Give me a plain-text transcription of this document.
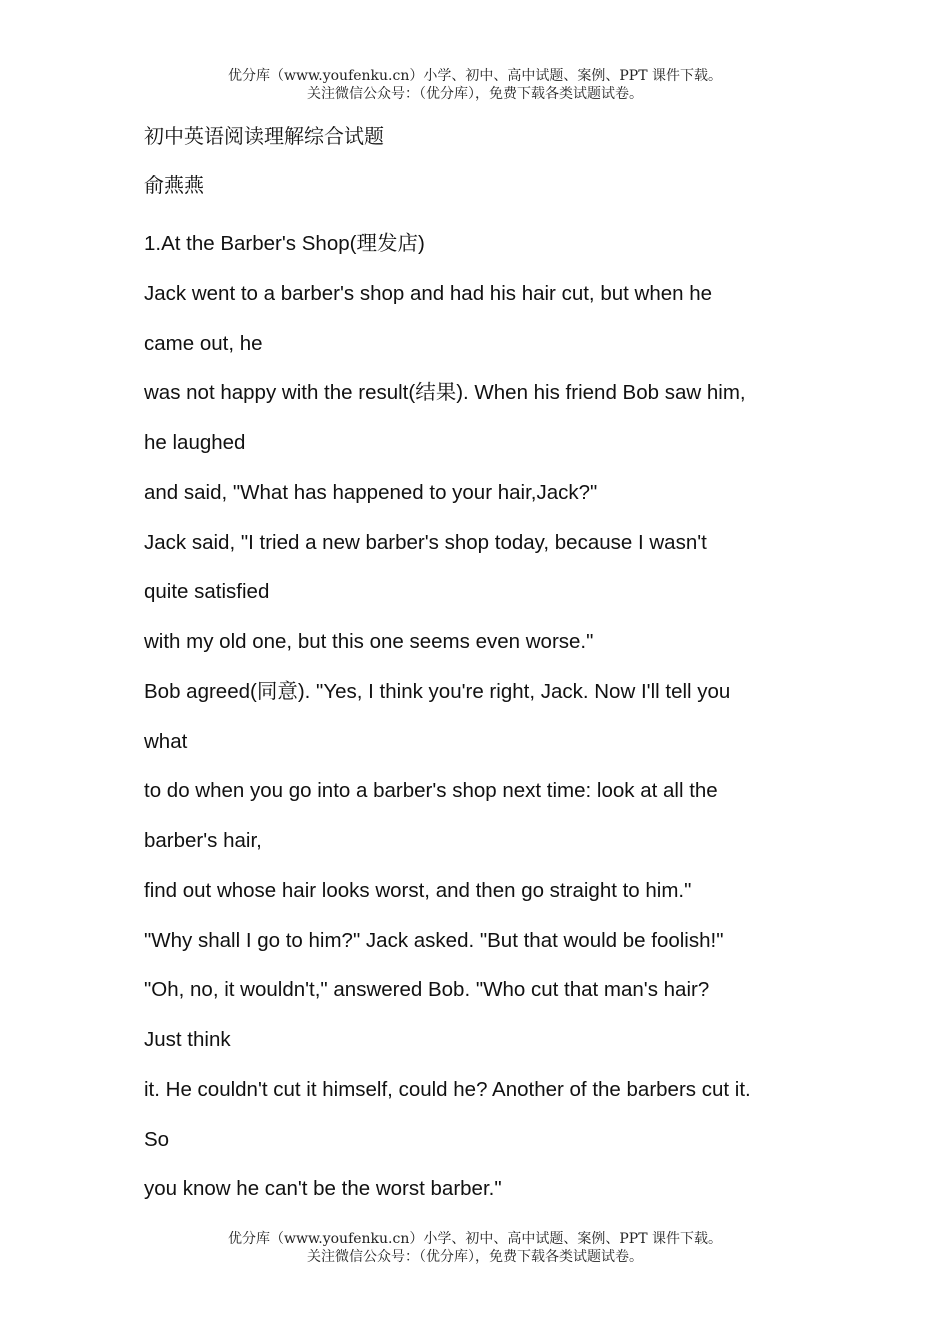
优分库（www.youfenku.cn）小学、初中、高中试题、案例、PPT 课件下载。
关注微信公众号：（优分库），免费下载各类试题试卷。
初中英语阅读理解综合试题
俞燕燕
1.At the Barber's Shop(理发店)
Jack went to a barber's shop and had his hair cut, but when he
came out, he
was not happy with the result(结果). When his friend Bob saw him,
he laughed
and said, "What has happened to your hair,Jack?"
Jack said, "I tried a new barber's shop today, because I wasn't
quite satisfied
with my old one, but this one seems even worse."
Bob agreed(同意). "Yes, I think you're right, Jack. Now I'll tell you
what
to do when you go into a barber's shop next time: look at all the
barber's hair,
find out whose hair looks worst, and then go straight to him."
"Why shall I go to him?" Jack asked. "But that would be foolish!"
"Oh, no, it wouldn't," answered Bob. "Who cut that man's hair?
Just think
it. He couldn't cut it himself, could he? Another of the barbers cut it.
So
you know he can't be the worst barber."
优分库（www.youfenku.cn）小学、初中、高中试题、案例、PPT 课件下载。
关注微信公众号：（优分库），免费下载各类试题试卷。
